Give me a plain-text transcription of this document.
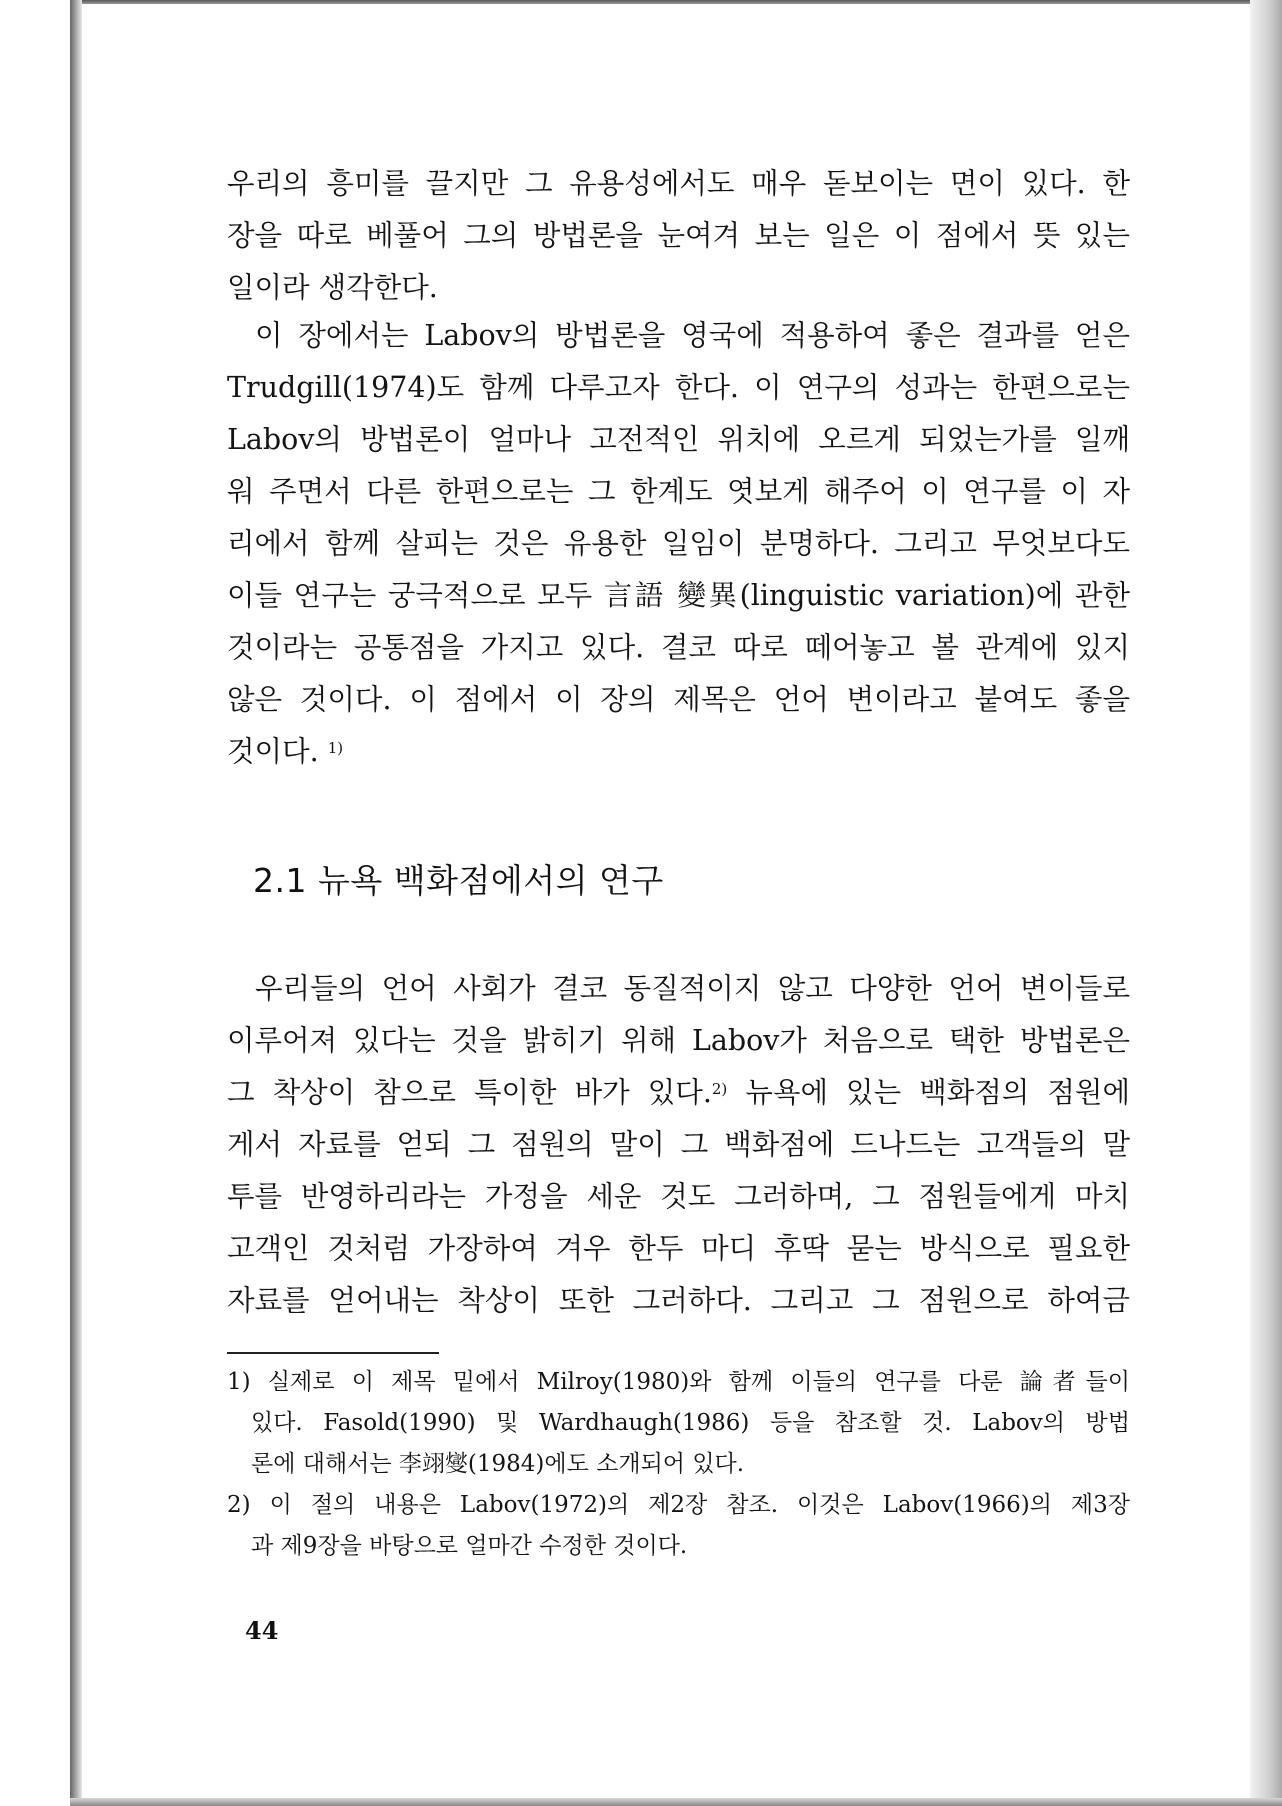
우리의 흥미를 끌지만 그 유용성에서도 매우 돋보이는 면이 있다. 한
장을 따로 베풀어 그의 방법론을 눈여겨 보는 일은 이 점에서 뜻 있는
일이라 생각한다.
이 장에서는 Labov의 방법론을 영국에 적용하여 좋은 결과를 얻은
Trudgill(1974)도 함께 다루고자 한다. 이 연구의 성과는 한편으로는
Labov의 방법론이 얼마나 고전적인 위치에 오르게 되었는가를 일깨
워 주면서 다른 한편으로는 그 한계도 엿보게 해주어 이 연구를 이 자
리에서 함께 살피는 것은 유용한 일임이 분명하다. 그리고 무엇보다도
이들 연구는 궁극적으로 모두 言語 變異(linguistic variation)에 관한
것이라는 공통점을 가지고 있다. 결코 따로 떼어놓고 볼 관계에 있지
않은 것이다. 이 점에서 이 장의 제목은 언어 변이라고 붙여도 좋을
것이다. $^{1)}$
2.1 뉴욕 백화점에서의 연구
우리들의 언어 사회가 결코 동질적이지 않고 다양한 언어 변이들로
이루어져 있다는 것을 밝히기 위해 Labov가 처음으로 택한 방법론은
그 착상이 참으로 특이한 바가 있다.$^{2)}$ 뉴욕에 있는 백화점의 점원에
게서 자료를 얻되 그 점원의 말이 그 백화점에 드나드는 고객들의 말
투를 반영하리라는 가정을 세운 것도 그러하며, 그 점원들에게 마치
고객인 것처럼 가장하여 겨우 한두 마디 후딱 묻는 방식으로 필요한
자료를 얻어내는 착상이 또한 그러하다. 그리고 그 점원으로 하여금
1) 실제로 이 제목 밑에서 Milroy(1980)와 함께 이들의 연구를 다룬 論者들이
있다. Fasold(1990) 및 Wardhaugh(1986) 등을 참조할 것. Labov의 방법
론에 대해서는 李翊燮(1984)에도 소개되어 있다.
2) 이 절의 내용은 Labov(1972)의 제2장 참조. 이것은 Labov(1966)의 제3장
과 제9장을 바탕으로 얼마간 수정한 것이다.
44
